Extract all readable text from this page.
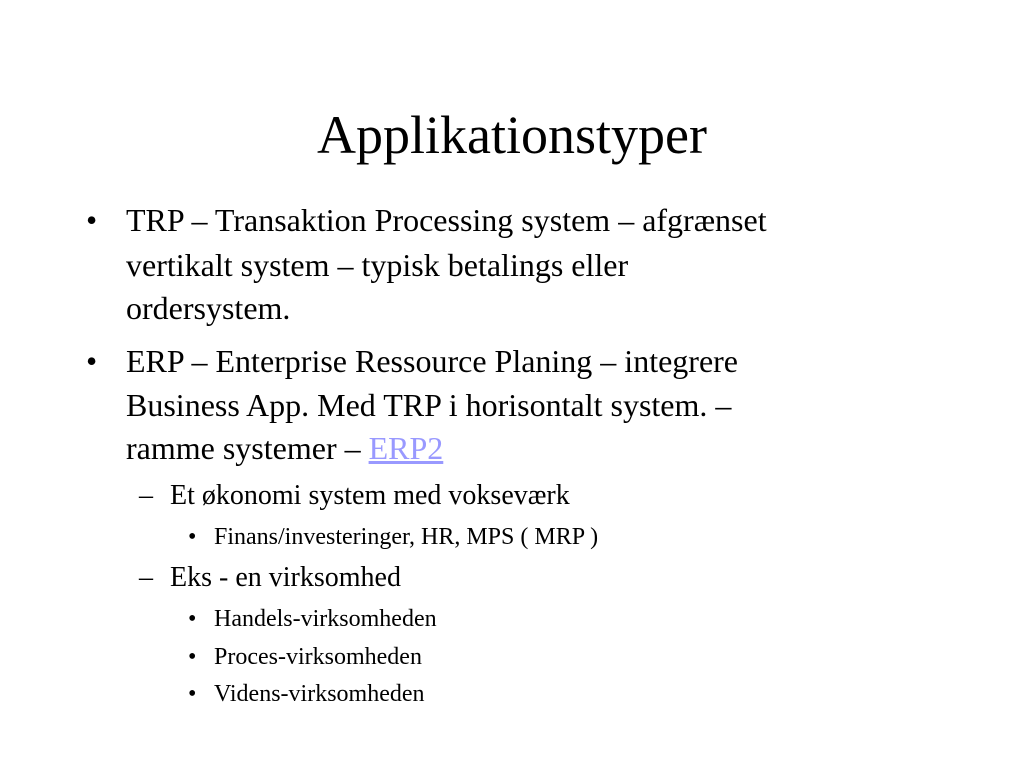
Applikationstyper
• TRP – Transaktion Processing system – afgrænset
vertikalt system – typisk betalings eller
ordersystem.
• ERP – Enterprise Ressource Planing – integrere
Business App. Med TRP i horisontalt system. –
ramme systemer – ERP2
– Et økonomi system med vokseværk
• Finans/investeringer, HR, MPS ( MRP )
– Eks - en virksomhed
• Handels-virksomheden
• Proces-virksomheden
• Videns-virksomheden
